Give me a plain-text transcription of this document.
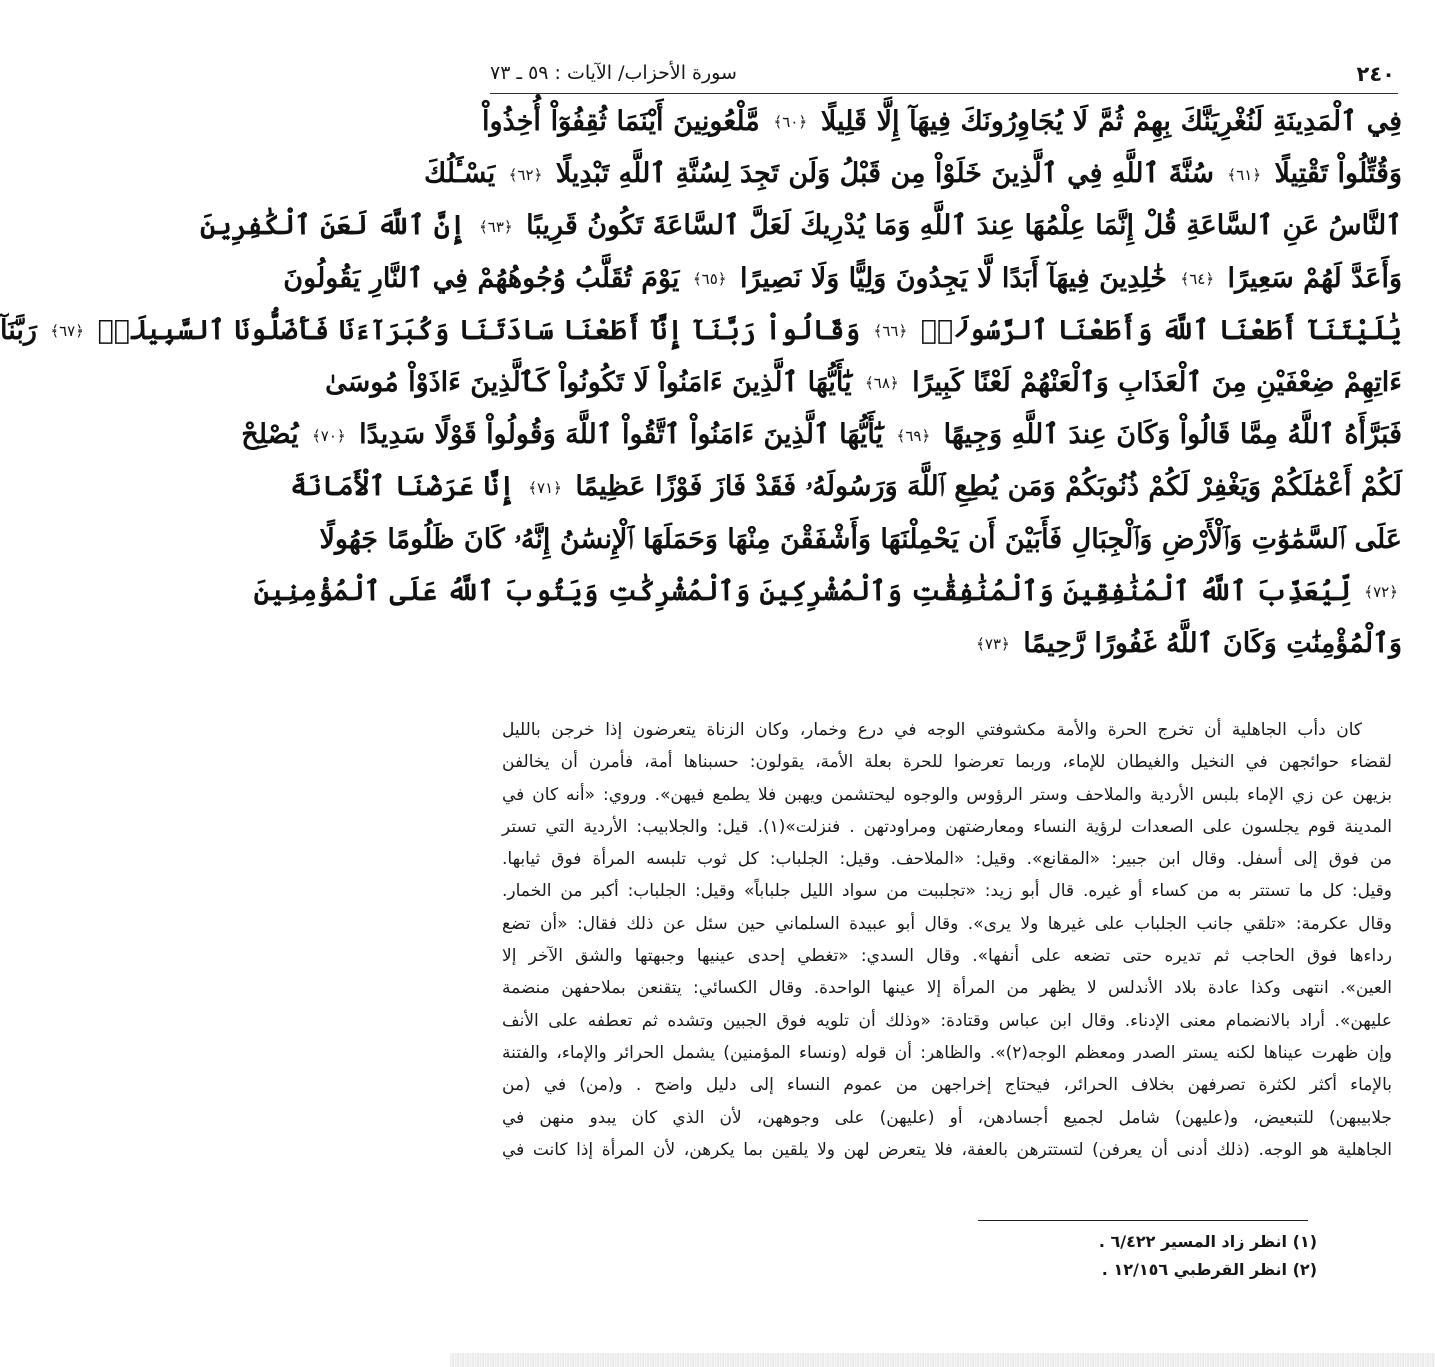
٢٤٠
سورة الأحزاب/ الآيات : ٥٩ ـ ٧٣
فِي ٱلْمَدِينَةِ لَنُغْرِيَنَّكَ بِهِمْ ثُمَّ لَا يُجَاوِرُونَكَ فِيهَآ إِلَّا قَلِيلًا ﴿٦٠﴾ مَّلْعُونِينَ أَيْنَمَا ثُقِفُوٓاْ أُخِذُواْ
وَقُتِّلُواْ تَقْتِيلًا ﴿٦١﴾ سُنَّةَ ٱللَّهِ فِي ٱلَّذِينَ خَلَوْاْ مِن قَبْلُ وَلَن تَجِدَ لِسُنَّةِ ٱللَّهِ تَبْدِيلًا ﴿٦٢﴾ يَسْـَٔلُكَ
ٱلنَّاسُ عَنِ ٱلسَّاعَةِ قُلْ إِنَّمَا عِلْمُهَا عِندَ ٱللَّهِ وَمَا يُدْرِيكَ لَعَلَّ ٱلسَّاعَةَ تَكُونُ قَرِيبًا ﴿٦٣﴾ إِنَّ ٱللَّهَ لَعَنَ ٱلْكَٰفِرِينَ
وَأَعَدَّ لَهُمْ سَعِيرًا ﴿٦٤﴾ خَٰلِدِينَ فِيهَآ أَبَدًا لَّا يَجِدُونَ وَلِيًّا وَلَا نَصِيرًا ﴿٦٥﴾ يَوْمَ تُقَلَّبُ وُجُوهُهُمْ فِي ٱلنَّارِ يَقُولُونَ
يَٰلَيْتَنَآ أَطَعْنَا ٱللَّهَ وَأَطَعْنَا ٱلرَّسُولَا۠ ﴿٦٦﴾ وَقَالُواْ رَبَّنَآ إِنَّآ أَطَعْنَا سَادَتَنَا وَكُبَرَآءَنَا فَأَضَلُّونَا ٱلسَّبِيلَا۠ ﴿٦٧﴾ رَبَّنَآ
ءَاتِهِمْ ضِعْفَيْنِ مِنَ ٱلْعَذَابِ وَٱلْعَنْهُمْ لَعْنًا كَبِيرًا ﴿٦٨﴾ يَٰٓأَيُّهَا ٱلَّذِينَ ءَامَنُواْ لَا تَكُونُواْ كَٱلَّذِينَ ءَاذَوْاْ مُوسَىٰ
فَبَرَّأَهُ ٱللَّهُ مِمَّا قَالُواْ وَكَانَ عِندَ ٱللَّهِ وَجِيهًا ﴿٦٩﴾ يَٰٓأَيُّهَا ٱلَّذِينَ ءَامَنُواْ ٱتَّقُواْ ٱللَّهَ وَقُولُواْ قَوْلًا سَدِيدًا ﴿٧٠﴾ يُصْلِحْ
لَكُمْ أَعْمَٰلَكُمْ وَيَغْفِرْ لَكُمْ ذُنُوبَكُمْ وَمَن يُطِعِ ٱللَّهَ وَرَسُولَهُۥ فَقَدْ فَازَ فَوْزًا عَظِيمًا ﴿٧١﴾ إِنَّا عَرَضْنَا ٱلْأَمَانَةَ
عَلَى ٱلسَّمَٰوَٰتِ وَٱلْأَرْضِ وَٱلْجِبَالِ فَأَبَيْنَ أَن يَحْمِلْنَهَا وَأَشْفَقْنَ مِنْهَا وَحَمَلَهَا ٱلْإِنسَٰنُ إِنَّهُۥ كَانَ ظَلُومًا جَهُولًا
﴿٧٢﴾ لِّيُعَذِّبَ ٱللَّهُ ٱلْمُنَٰفِقِينَ وَٱلْمُنَٰفِقَٰتِ وَٱلْمُشْرِكِينَ وَٱلْمُشْرِكَٰتِ وَيَتُوبَ ٱللَّهُ عَلَى ٱلْمُؤْمِنِينَ
وَٱلْمُؤْمِنَٰتِ وَكَانَ ٱللَّهُ غَفُورًا رَّحِيمًا ﴿٧٣﴾
كان دأب الجاهلية أن تخرج الحرة والأمة مكشوفتي الوجه في درع وخمار، وكان الزناة يتعرضون إذا خرجن بالليل
لقضاء حوائجهن في النخيل والغيطان للإماء، وربما تعرضوا للحرة بعلة الأمة، يقولون: حسبناها أمة، فأمرن أن يخالفن
بزيهن عن زي الإماء بلبس الأردية والملاحف وستر الرؤوس والوجوه ليحتشمن ويهبن فلا يطمع فيهن». وروي: «أنه كان في
المدينة قوم يجلسون على الصعدات لرؤية النساء ومعارضتهن ومراودتهن . فنزلت»(١). قيل: والجلابيب: الأردية التي تستر
من فوق إلى أسفل. وقال ابن جبير: «المقانع». وقيل: «الملاحف. وقيل: الجلباب: كل ثوب تلبسه المرأة فوق ثيابها.
وقيل: كل ما تستتر به من كساء أو غيره. قال أبو زيد: «تجلببت من سواد الليل جلباباً» وقيل: الجلباب: أكبر من الخمار.
وقال عكرمة: «تلقي جانب الجلباب على غيرها ولا يرى». وقال أبو عبيدة السلماني حين سئل عن ذلك فقال: «أن تضع
رداءها فوق الحاجب ثم تديره حتى تضعه على أنفها». وقال السدي: «تغطي إحدى عينيها وجبهتها والشق الآخر إلا
العين». انتهى وكذا عادة بلاد الأندلس لا يظهر من المرأة إلا عينها الواحدة. وقال الكسائي: يتقنعن بملاحفهن منضمة
عليهن». أراد بالانضمام معنى الإدناء. وقال ابن عباس وقتادة: «وذلك أن تلويه فوق الجبين وتشده ثم تعطفه على الأنف
وإن ظهرت عيناها لكنه يستر الصدر ومعظم الوجه(٢)». والظاهر: أن قوله (ونساء المؤمنين) يشمل الحرائر والإماء، والفتنة
بالإماء أكثر لكثرة تصرفهن بخلاف الحرائر، فيحتاج إخراجهن من عموم النساء إلى دليل واضح . و(من) في (من
جلابيبهن) للتبعيض، و(عليهن) شامل لجميع أجسادهن، أو (عليهن) على وجوههن، لأن الذي كان يبدو منهن في
الجاهلية هو الوجه. (ذلك أدنى أن يعرفن) لتستترهن بالعفة، فلا يتعرض لهن ولا يلقين بما يكرهن، لأن المرأة إذا كانت في
(١) انظر زاد المسير ٦/٤٢٢ .
(٢) انظر القرطبي ١٢/١٥٦ .
